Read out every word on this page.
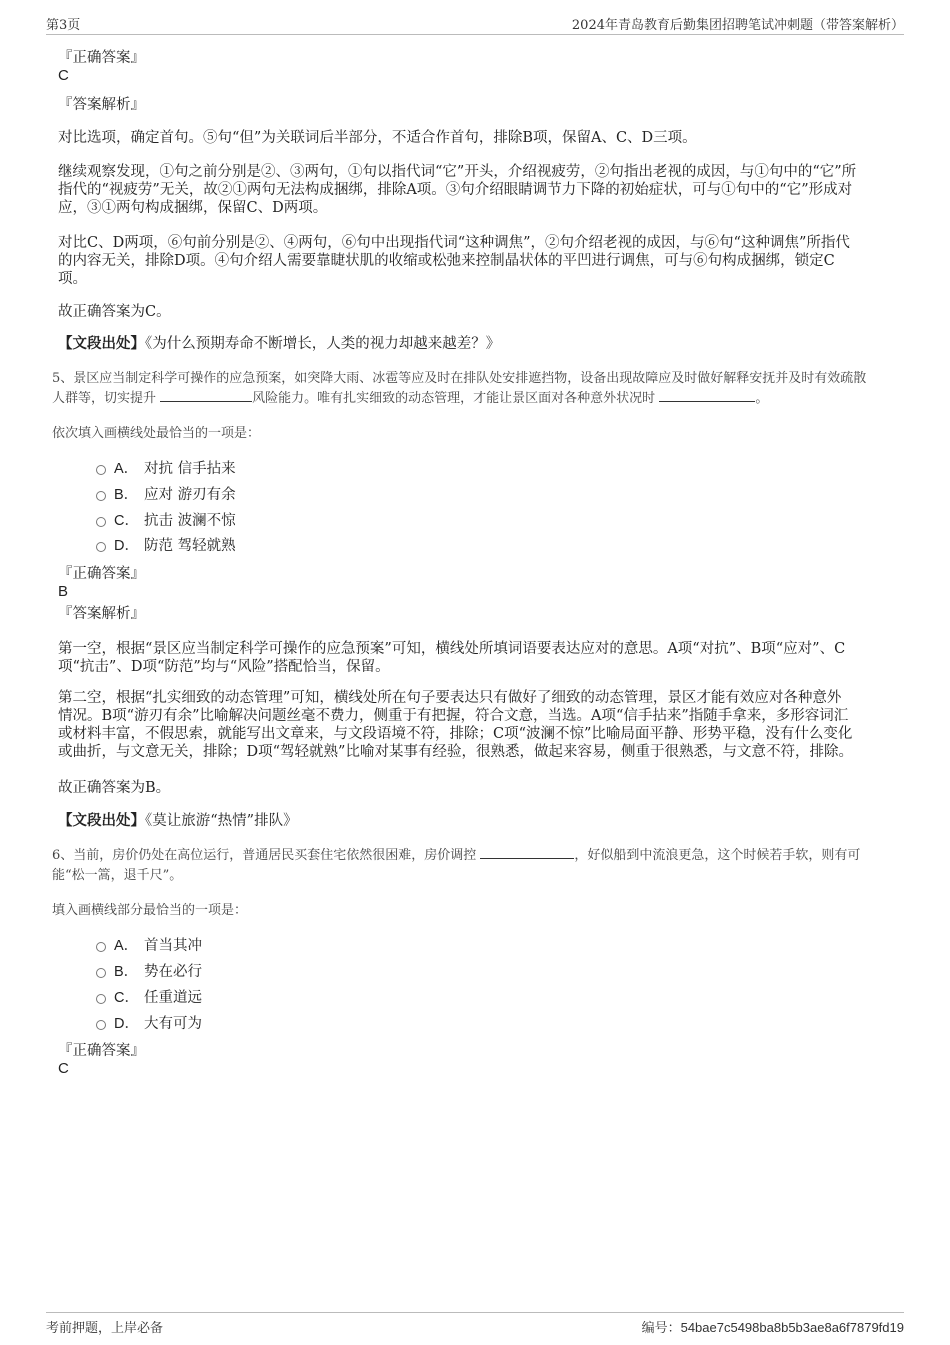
第3页	2024年青岛教育后勤集团招聘笔试冲刺题（带答案解析）
『正确答案』
C
『答案解析』
对比选项，确定首句。⑤句“但”为关联词后半部分，不适合作首句，排除B项，保留A、C、D三项。
继续观察发现，①句之前分别是②、③两句，①句以指代词“它”开头，介绍视疲劳，②句指出老视的成因，与①句中的“它”所
指代的“视疲劳”无关，故②①两句无法构成捆绑，排除A项。③句介绍眼睛调节力下降的初始症状，可与①句中的“它”形成对
应，③①两句构成捆绑，保留C、D两项。
对比C、D两项，⑥句前分别是②、④两句，⑥句中出现指代词“这种调焦”，②句介绍老视的成因，与⑥句“这种调焦”所指代
的内容无关，排除D项。④句介绍人需要靠睫状肌的收缩或松弛来控制晶状体的平凹进行调焦，可与⑥句构成捆绑，锁定C
项。
故正确答案为C。
【文段出处】《为什么预期寿命不断增长，人类的视力却越来越差？》
5、景区应当制定科学可操作的应急预案，如突降大雨、冰雹等应及时在排队处安排遮挡物，设备出现故障应及时做好解释安抚并及时有效疏散
人群等，切实提升	风险能力。唯有扎实细致的动态管理，才能让景区面对各种意外状况时	。
依次填入画横线处最恰当的一项是：
A． 对抗 信手拈来
B． 应对 游刃有余
C． 抗击 波澜不惊
D． 防范 驾轻就熟
『正确答案』
B
『答案解析』
第一空，根据“景区应当制定科学可操作的应急预案”可知，横线处所填词语要表达应对的意思。A项“对抗”、B项“应对”、C
项“抗击”、D项“防范”均与“风险”搭配恰当，保留。
第二空，根据“扎实细致的动态管理”可知，横线处所在句子要表达只有做好了细致的动态管理，景区才能有效应对各种意外
情况。B项“游刃有余”比喻解决问题丝毫不费力，侧重于有把握，符合文意，当选。A项“信手拈来”指随手拿来，多形容词汇
或材料丰富，不假思索，就能写出文章来，与文段语境不符，排除；C项“波澜不惊”比喻局面平静、形势平稳，没有什么变化
或曲折，与文意无关，排除；D项“驾轻就熟”比喻对某事有经验，很熟悉，做起来容易，侧重于很熟悉，与文意不符，排除。
故正确答案为B。
【文段出处】《莫让旅游“热情”排队》
6、当前，房价仍处在高位运行，普通居民买套住宅依然很困难，房价调控	，好似船到中流浪更急，这个时候若手软，则有可
能“松一篙，退千尺”。
填入画横线部分最恰当的一项是：
A． 首当其冲
B． 势在必行
C． 任重道远
D． 大有可为
『正确答案』
C
考前押题，上岸必备	编号：54bae7c5498ba8b5b3ae8a6f7879fd19
